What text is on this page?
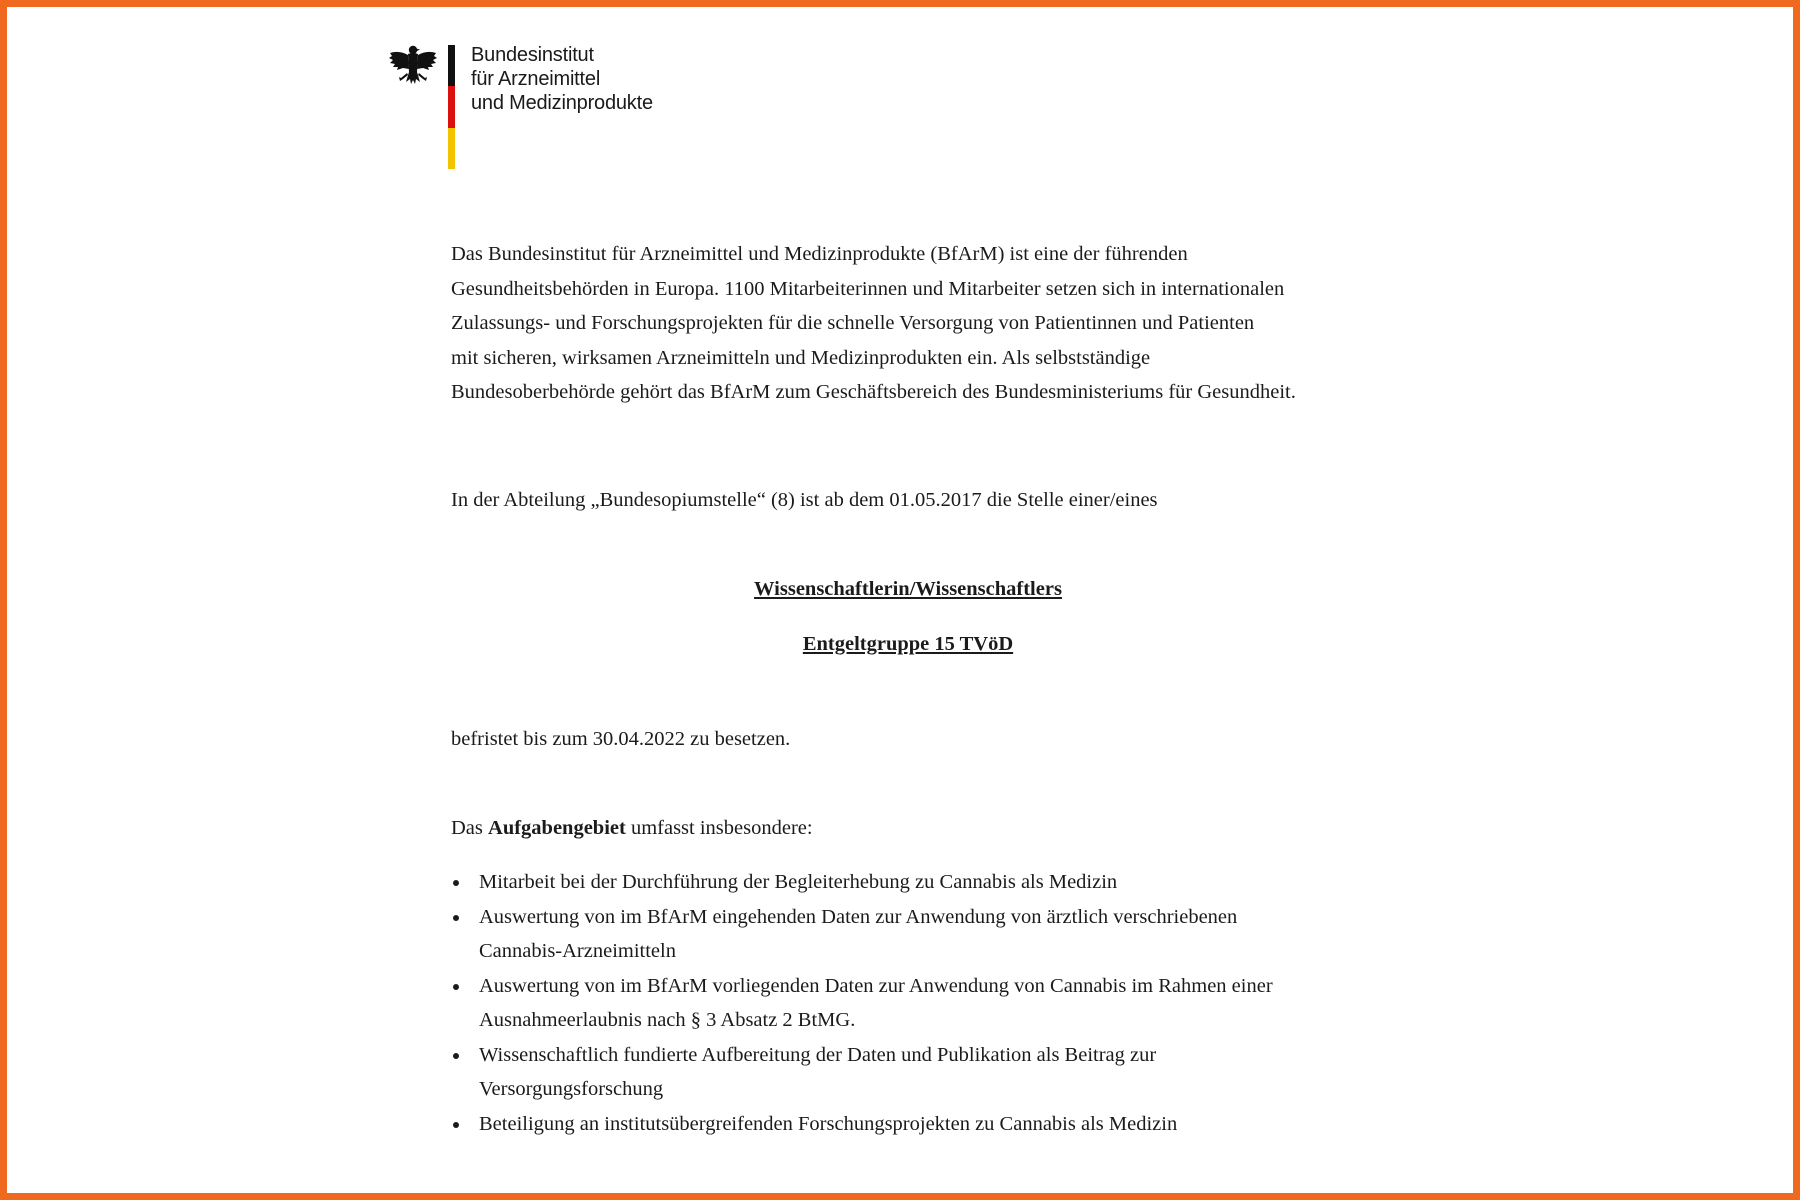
Bundesinstitut
für Arzneimittel
und Medizinprodukte

Das Bundesinstitut für Arzneimittel und Medizinprodukte (BfArM) ist eine der führenden
Gesundheitsbehörden in Europa. 1100 Mitarbeiterinnen und Mitarbeiter setzen sich in internationalen
Zulassungs- und Forschungsprojekten für die schnelle Versorgung von Patientinnen und Patienten
mit sicheren, wirksamen Arzneimitteln und Medizinprodukten ein. Als selbstständige
Bundesoberbehörde gehört das BfArM zum Geschäftsbereich des Bundesministeriums für Gesundheit.

In der Abteilung „Bundesopiumstelle“ (8) ist ab dem 01.05.2017 die Stelle einer/eines

Wissenschaftlerin/Wissenschaftlers

Entgeltgruppe 15 TVöD

befristet bis zum 30.04.2022 zu besetzen.

Das Aufgabengebiet umfasst insbesondere:

Mitarbeit bei der Durchführung der Begleiterhebung zu Cannabis als Medizin
Auswertung von im BfArM eingehenden Daten zur Anwendung von ärztlich verschriebenen
Cannabis-Arzneimitteln
Auswertung von im BfArM vorliegenden Daten zur Anwendung von Cannabis im Rahmen einer
Ausnahmeerlaubnis nach § 3 Absatz 2 BtMG.
Wissenschaftlich fundierte Aufbereitung der Daten und Publikation als Beitrag zur
Versorgungsforschung
Beteiligung an institutsübergreifenden Forschungsprojekten zu Cannabis als Medizin
